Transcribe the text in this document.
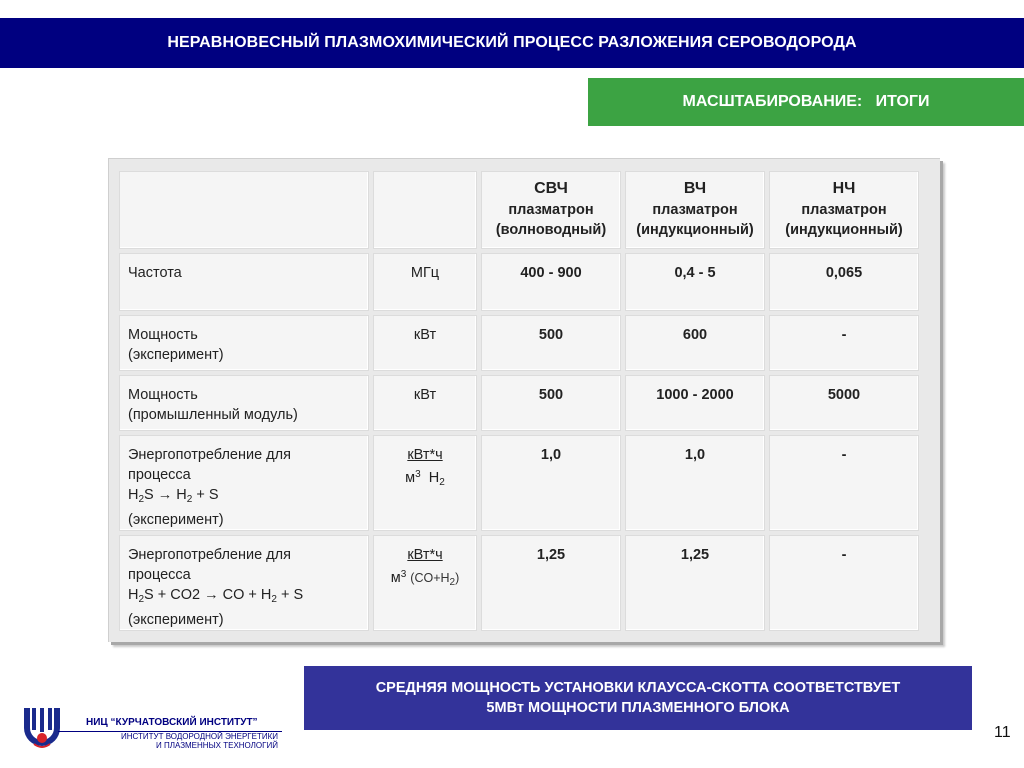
НЕРАВНОВЕСНЫЙ ПЛАЗМОХИМИЧЕСКИЙ ПРОЦЕСС РАЗЛОЖЕНИЯ СЕРОВОДОРОДА
МАСШТАБИРОВАНИЕ:   ИТОГИ

		СВЧ
плазматрон
(волноводный)	ВЧ
плазматрон
(индукционный)	НЧ
плазматрон
(индукционный)

Частота	МГц	400 - 900	0,4 - 5	0,065

Мощность
(эксперимент)	кВт	500	600	-

Мощность
(промышленный модуль)	кВт	500	1000 - 2000	5000

Энергопотребление для
процесса
$H_2S \to H_2 + S$
(эксперимент)	кВт*ч
$м^3$ $H_2$	1,0	1,0	-

Энергопотребление для
процесса
$H_2S + CO2$ → CO + $H_2 + S$
(эксперимент)	кВт*ч
$м^3$ $(CO+H_2)$	1,25	1,25	-
СРЕДНЯЯ МОЩНОСТЬ УСТАНОВКИ КЛАУССА-СКОТТА СООТВЕТСТВУЕТ
5МВт МОЩНОСТИ ПЛАЗМЕННОГО БЛОКА
НИЦ “КУРЧАТОВСКИЙ ИНСТИТУТ”
ИНСТИТУТ ВОДОРОДНОЙ ЭНЕРГЕТИКИ
И ПЛАЗМЕННЫХ ТЕХНОЛОГИЙ
11
